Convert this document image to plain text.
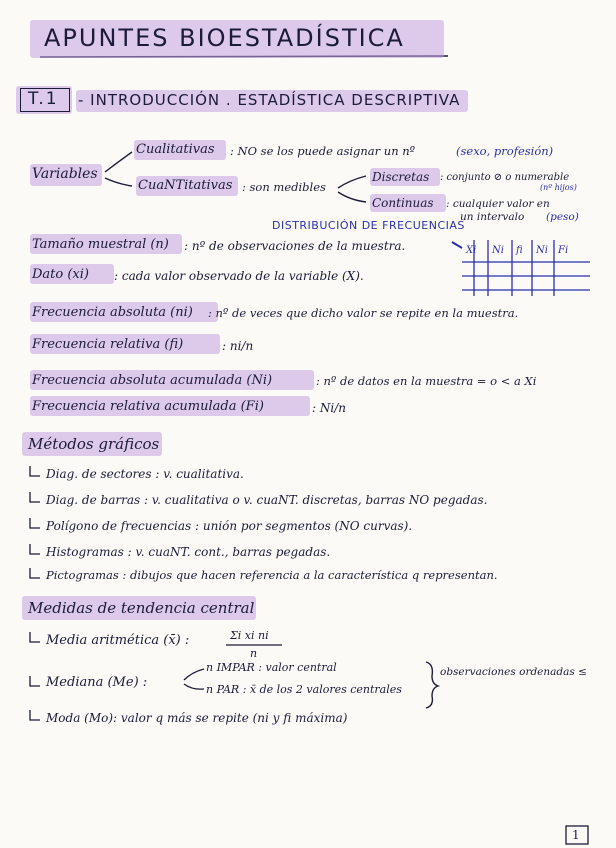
APUNTES BIOESTADÍSTICA
T.1 - INTRODUCCIÓN . ESTADÍSTICA DESCRIPTIVA
Variables
Cualitativas : NO se los puede asignar un nº	(sexo, profesión)
CuaNTitativas : son medibles
Discretas : conjunto ⊘ o numerable
(nº hijos)
Continuas : cualquier valor en
un intervalo (peso)
DISTRIBUCIÓN DE FRECUENCIAS
Xi Ni fi Ni Fi
Tamaño muestral (n) : nº de observaciones de la muestra.
Dato (xi) : cada valor observado de la variable (X).
Frecuencia absoluta (ni) : nº de veces que dicho valor se repite en la muestra.
Frecuencia relativa (fi)	: ni/n
Frecuencia absoluta acumulada (Ni)	: nº de datos en la muestra = o < a Xi
Frecuencia relativa acumulada (Fi)	: Ni/n
Métodos gráficos
Diag. de sectores : v. cualitativa.
Diag. de barras : v. cualitativa o v. cuaNT. discretas, barras NO pegadas.
Polígono de frecuencias : unión por segmentos (NO curvas).
Histogramas : v. cuaNT. cont., barras pegadas.
Pictogramas : dibujos que hacen referencia a la característica q representan.
Medidas de tendencia central
Media aritmética (x̄) :	Σi xi ni
n
Mediana (Me) :
n IMPAR : valor central
n PAR : x̄ de los 2 valores centrales
observaciones ordenadas ≤
Moda (Mo): valor q más se repite (ni y fi máxima)
1
